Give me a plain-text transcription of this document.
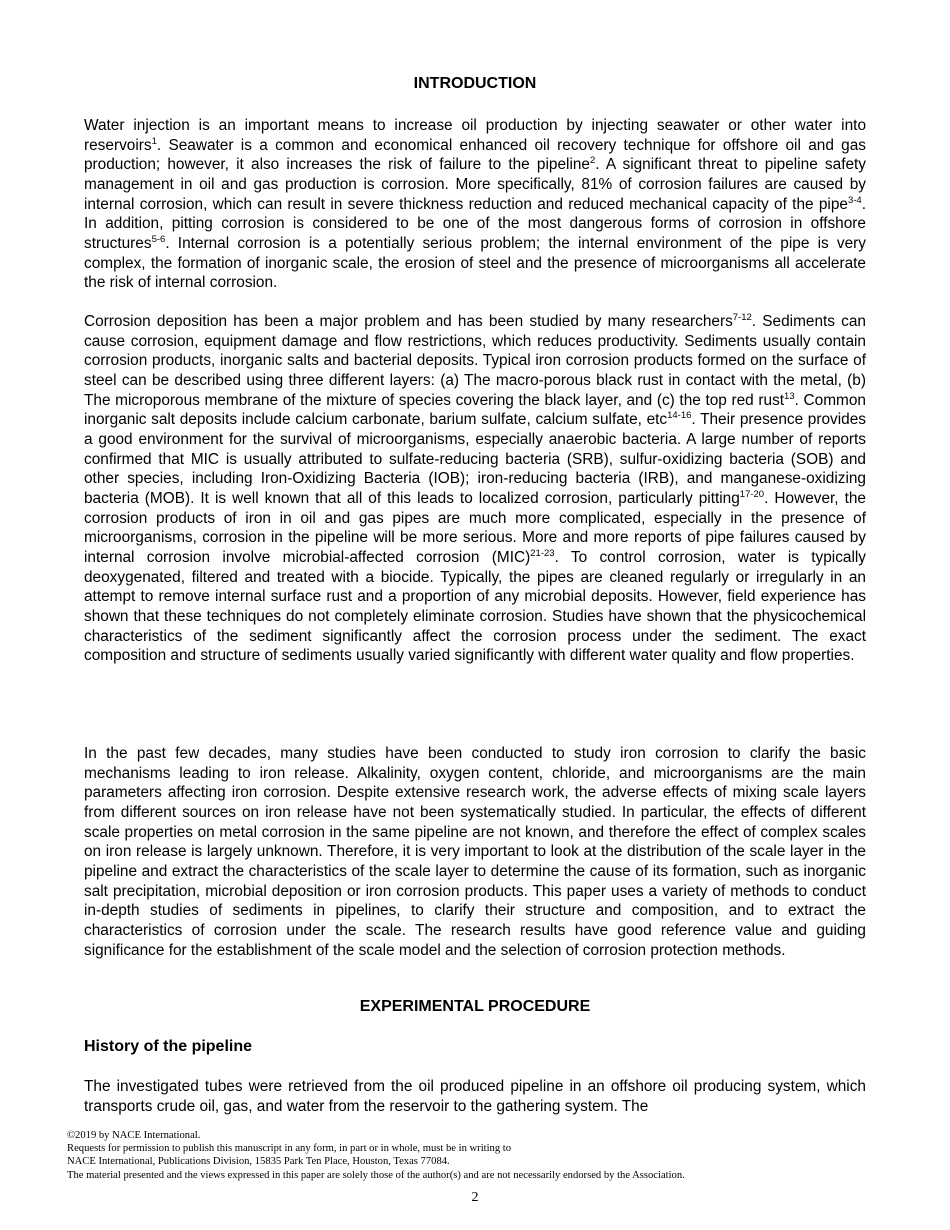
INTRODUCTION

Water injection is an important means to increase oil production by injecting seawater or other water into reservoirs$^1$. Seawater is a common and economical enhanced oil recovery technique for offshore oil and gas production; however, it also increases the risk of failure to the pipeline$^2$. A significant threat to pipeline safety management in oil and gas production is corrosion. More specifically, 81% of corrosion failures are caused by internal corrosion, which can result in severe thickness reduction and reduced mechanical capacity of the pipe$^{3-4}$. In addition, pitting corrosion is considered to be one of the most dangerous forms of corrosion in offshore structures$^{5-6}$. Internal corrosion is a potentially serious problem; the internal environment of the pipe is very complex, the formation of inorganic scale, the erosion of steel and the presence of microorganisms all accelerate the risk of internal corrosion.

Corrosion deposition has been a major problem and has been studied by many researchers$^{7-12}$. Sediments can cause corrosion, equipment damage and flow restrictions, which reduces productivity. Sediments usually contain corrosion products, inorganic salts and bacterial deposits. Typical iron corrosion products formed on the surface of steel can be described using three different layers: (a) The macro-porous black rust in contact with the metal, (b) The microporous membrane of the mixture of species covering the black layer, and (c) the top red rust$^{13}$. Common inorganic salt deposits include calcium carbonate, barium sulfate, calcium sulfate, etc$^{14-16}$. Their presence provides a good environment for the survival of microorganisms, especially anaerobic bacteria. A large number of reports confirmed that MIC is usually attributed to sulfate-reducing bacteria (SRB), sulfur-oxidizing bacteria (SOB) and other species, including Iron-Oxidizing Bacteria (IOB); iron-reducing bacteria (IRB), and manganese-oxidizing bacteria (MOB). It is well known that all of this leads to localized corrosion, particularly pitting$^{17-20}$. However, the corrosion products of iron in oil and gas pipes are much more complicated, especially in the presence of microorganisms, corrosion in the pipeline will be more serious. More and more reports of pipe failures caused by internal corrosion involve microbial-affected corrosion (MIC)$^{21-23}$. To control corrosion, water is typically deoxygenated, filtered and treated with a biocide. Typically, the pipes are cleaned regularly or irregularly in an attempt to remove internal surface rust and a proportion of any microbial deposits. However, field experience has shown that these techniques do not completely eliminate corrosion. Studies have shown that the physicochemical characteristics of the sediment significantly affect the corrosion process under the sediment. The exact composition and structure of sediments usually varied significantly with different water quality and flow properties.

In the past few decades, many studies have been conducted to study iron corrosion to clarify the basic mechanisms leading to iron release. Alkalinity, oxygen content, chloride, and microorganisms are the main parameters affecting iron corrosion. Despite extensive research work, the adverse effects of mixing scale layers from different sources on iron release have not been systematically studied. In particular, the effects of different scale properties on metal corrosion in the same pipeline are not known, and therefore the effect of complex scales on iron release is largely unknown. Therefore, it is very important to look at the distribution of the scale layer in the pipeline and extract the characteristics of the scale layer to determine the cause of its formation, such as inorganic salt precipitation, microbial deposition or iron corrosion products. This paper uses a variety of methods to conduct in-depth studies of sediments in pipelines, to clarify their structure and composition, and to extract the characteristics of corrosion under the scale. The research results have good reference value and guiding significance for the establishment of the scale model and the selection of corrosion protection methods.

EXPERIMENTAL PROCEDURE
History of the pipeline

The investigated tubes were retrieved from the oil produced pipeline in an offshore oil producing system, which transports crude oil, gas, and water from the reservoir to the gathering system. The

©2019 by NACE International.
Requests for permission to publish this manuscript in any form, in part or in whole, must be in writing to
NACE International, Publications Division, 15835 Park Ten Place, Houston, Texas 77084.
The material presented and the views expressed in this paper are solely those of the author(s) and are not necessarily endorsed by the Association.
2
